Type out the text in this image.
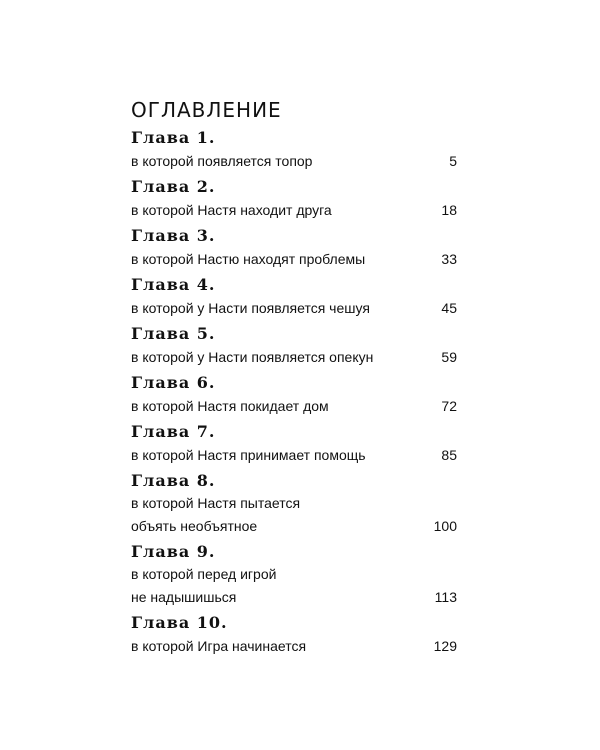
ОГЛАВЛЕНИЕ
Глава 1.
в которой появляется топор	5
Глава 2.
в которой Настя находит друга	18
Глава 3.
в которой Настю находят проблемы	33
Глава 4.
в которой у Насти появляется чешуя	45
Глава 5.
в которой у Насти появляется опекун	59
Глава 6.
в которой Настя покидает дом	72
Глава 7.
в которой Настя принимает помощь	85
Глава 8.
в которой Настя пытается
объять необъятное	100
Глава 9.
в которой перед игрой
не надышишься	113
Глава 10.
в которой Игра начинается	129
